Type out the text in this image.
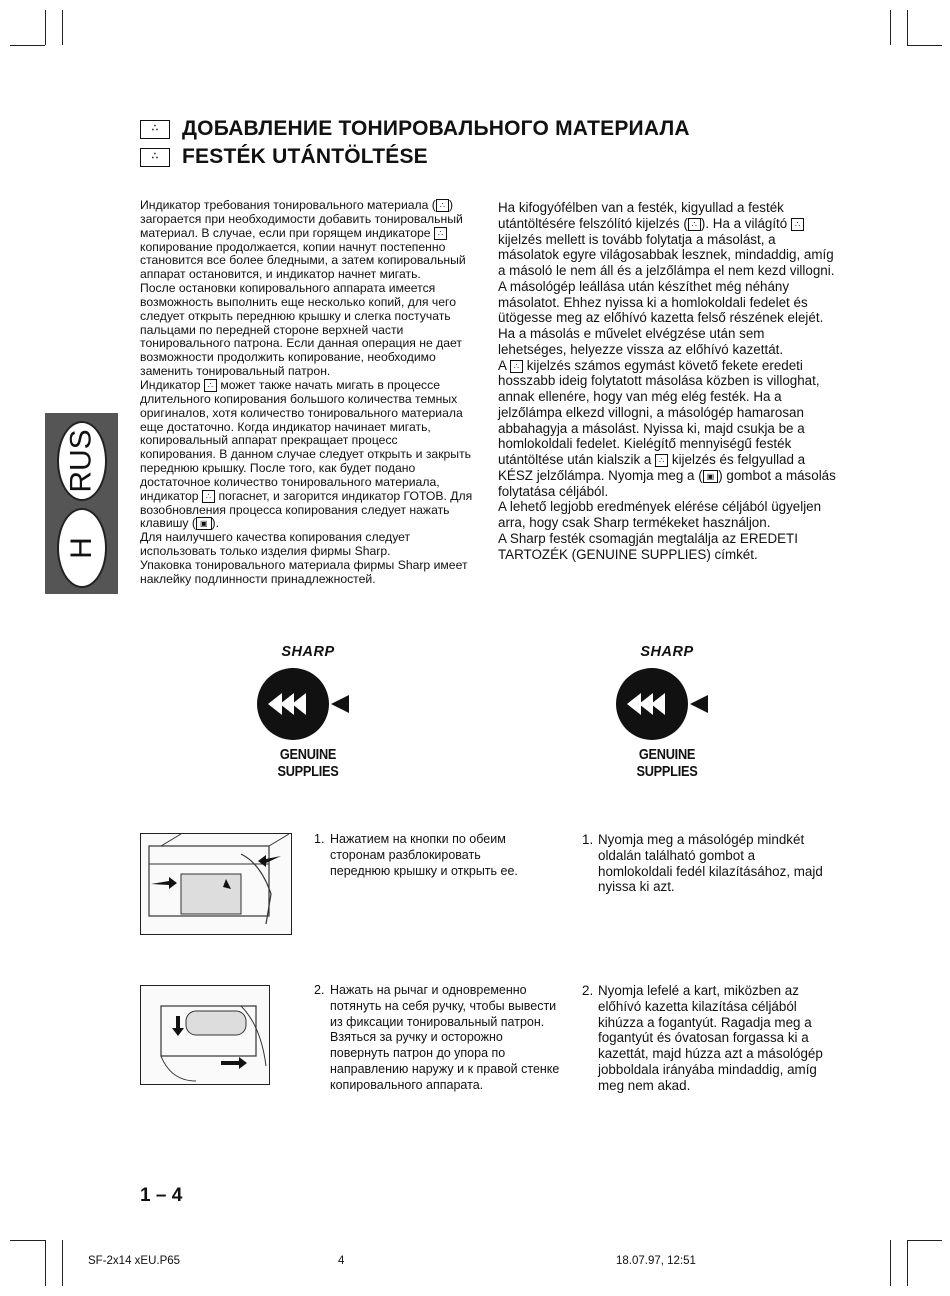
∴	ДОБАВЛЕНИЕ ТОНИРОВАЛЬНОГО МАТЕРИАЛА
∴	FESTÉK UTÁNTÖLTÉSE
RUS
H

Индикатор требования тонировального материала ( ∴ ) загорается при необходимости добавить тонировальный материал. В случае, если при горящем индикаторе ∴ копирование продолжается, копии начнут постепенно становится все более бледными, а затем копировальный аппарат остановится, и индикатор начнет мигать.

После остановки копировального аппарата имеется возможность выполнить еще несколько копий, для чего следует открыть переднюю крышку и слегка постучать пальцами по передней стороне верхней части тонировального патрона. Если данная операция не дает возможности продолжить копирование, необходимо заменить тонировальный патрон.

Индикатор ∴ может также начать мигать в процессе длительного копирования большого количества темных оригиналов, хотя количество тонировального материала еще достаточно. Когда индикатор начинает мигать, копировальный аппарат прекращает процесс копирования. В данном случае следует открыть и закрыть переднюю крышку. После того, как будет подано достаточное количество тонировального материала, индикатор ∴ погаснет, и загорится индикатор ГОТОВ. Для возобновления процесса копирования следует нажать клавишу ( ▣ ).

Для наилучшего качества копирования следует использовать только изделия фирмы Sharp.

Упаковка тонировального материала фирмы Sharp имеет наклейку подлинности принадлежностей.

Ha kifogyófélben van a festék, kigyullad a festék utántöltésére felszólító kijelzés ( ∴ ). Ha a világító ∴ kijelzés mellett is tovább folytatja a másolást, a másolatok egyre világosabbak lesznek, mindaddig, amíg a másoló le nem áll és a jelzőlámpa el nem kezd villogni.

A másológép leállása után készíthet még néhány másolatot. Ehhez nyissa ki a homlokoldali fedelet és ütögesse meg az előhívó kazetta felső részének elejét. Ha a másolás e művelet elvégzése után sem lehetséges, helyezze vissza az előhívó kazettát.

A ∴ kijelzés számos egymást követő fekete eredeti hosszabb ideig folytatott másolása közben is villoghat, annak ellenére, hogy van még elég festék. Ha a jelzőlámpa elkezd villogni, a másológép hamarosan abbahagyja a másolást. Nyissa ki, majd csukja be a homlokoldali fedelet. Kielégítő mennyiségű festék utántöltése után kialszik a ∴ kijelzés és felgyullad a KÉSZ jelzőlámpa. Nyomja meg a ( ▣ ) gombot a másolás folytatása céljából.

A lehető legjobb eredmények elérése céljából ügyeljen arra, hogy csak Sharp termékeket használjon.

A Sharp festék csomagján megtalálja az EREDETI TARTOZÉK (GENUINE SUPPLIES) címkét.

SHARP
GENUINE SUPPLIES
SHARP
GENUINE SUPPLIES
1. Нажатием на кнопки по обеим сторонам разблокировать переднюю крышку и открыть ее.
1. Nyomja meg a másológép mindkét oldalán található gombot a homlokoldali fedél kilazításához, majd nyissa ki azt.
2. Нажать на рычаг и одновременно потянуть на себя ручку, чтобы вывести из фиксации тонировальный патрон. Взяться за ручку и осторожно повернуть патрон до упора по направлению наружу и к правой стенке копировального аппарата.
2. Nyomja lefelé a kart, miközben az előhívó kazetta kilazítása céljából kihúzza a fogantyút. Ragadja meg a fogantyút és óvatosan forgassa ki a kazettát, majd húzza azt a másológép jobboldala irányába mindaddig, amíg meg nem akad.
1 – 4
SF-2x14 xEU.P65	4	18.07.97, 12:51
